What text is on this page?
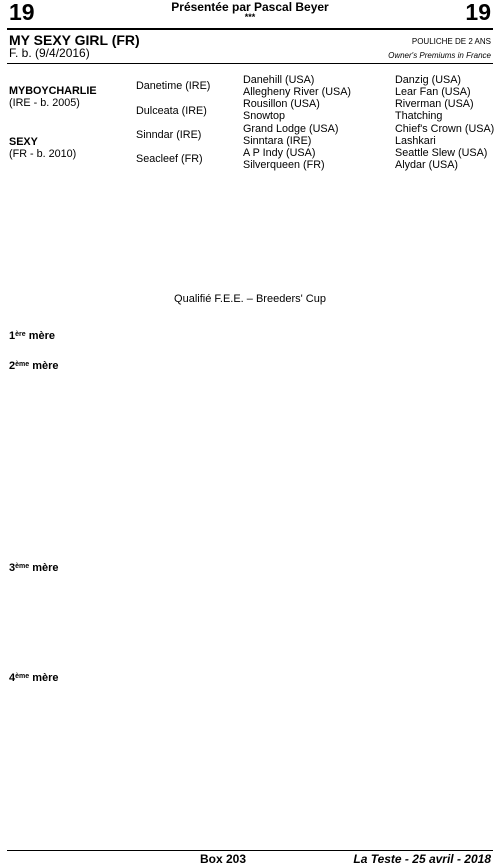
19	19
Présentée par Pascal Beyer
***
MY SEXY GIRL (FR)
F. b. (9/4/2016)
POULICHE DE 2 ANS
Owner's Premiums in France
MYBOYCHARLIE
(IRE - b. 2005)
SEXY
(FR - b. 2010)
Danetime (IRE)
Dulceata (IRE)
Sinndar (IRE)
Seacleef (FR)
Danehill (USA)
Allegheny River (USA)
Rousillon (USA)
Snowtop
Grand Lodge (USA)
Sinntara (IRE)
A P Indy (USA)
Silverqueen (FR)
Danzig (USA)
Lear Fan (USA)
Riverman (USA)
Thatching
Chief's Crown (USA)
Lashkari
Seattle Slew (USA)
Alydar (USA)
Qualifié F.E.E. – Breeders' Cup
1ère mère
2ème mère
3ème mère
4ème mère
Box 203	La Teste - 25 avril - 2018
